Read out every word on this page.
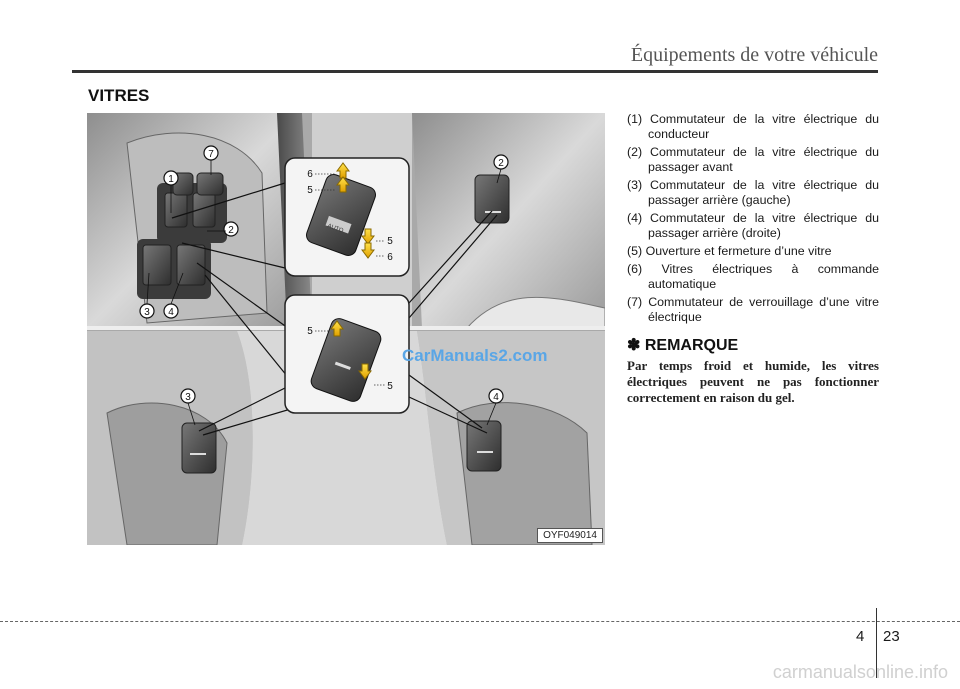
Équipements de votre véhicule
VITRES
AUTO
1
2
3 4
7
2
3	4
6
5
5
6
5
5
OYF049014
CarManuals2.com
(1) Commutateur de la vitre électrique du conducteur
(2) Commutateur de la vitre électrique du passager avant
(3) Commutateur de la vitre électrique du passager arrière (gauche)
(4) Commutateur de la vitre électrique du passager arrière (droite)
(5) Ouverture et fermeture d’une vitre
(6) Vitres électriques à commande automatique
(7) Commutateur de verrouillage d’une vitre électrique
✽ REMARQUE
Par temps froid et humide, les vitres électriques peuvent ne pas fonctionner correctement en raison du gel.
4 23
carmanualsonline.info
